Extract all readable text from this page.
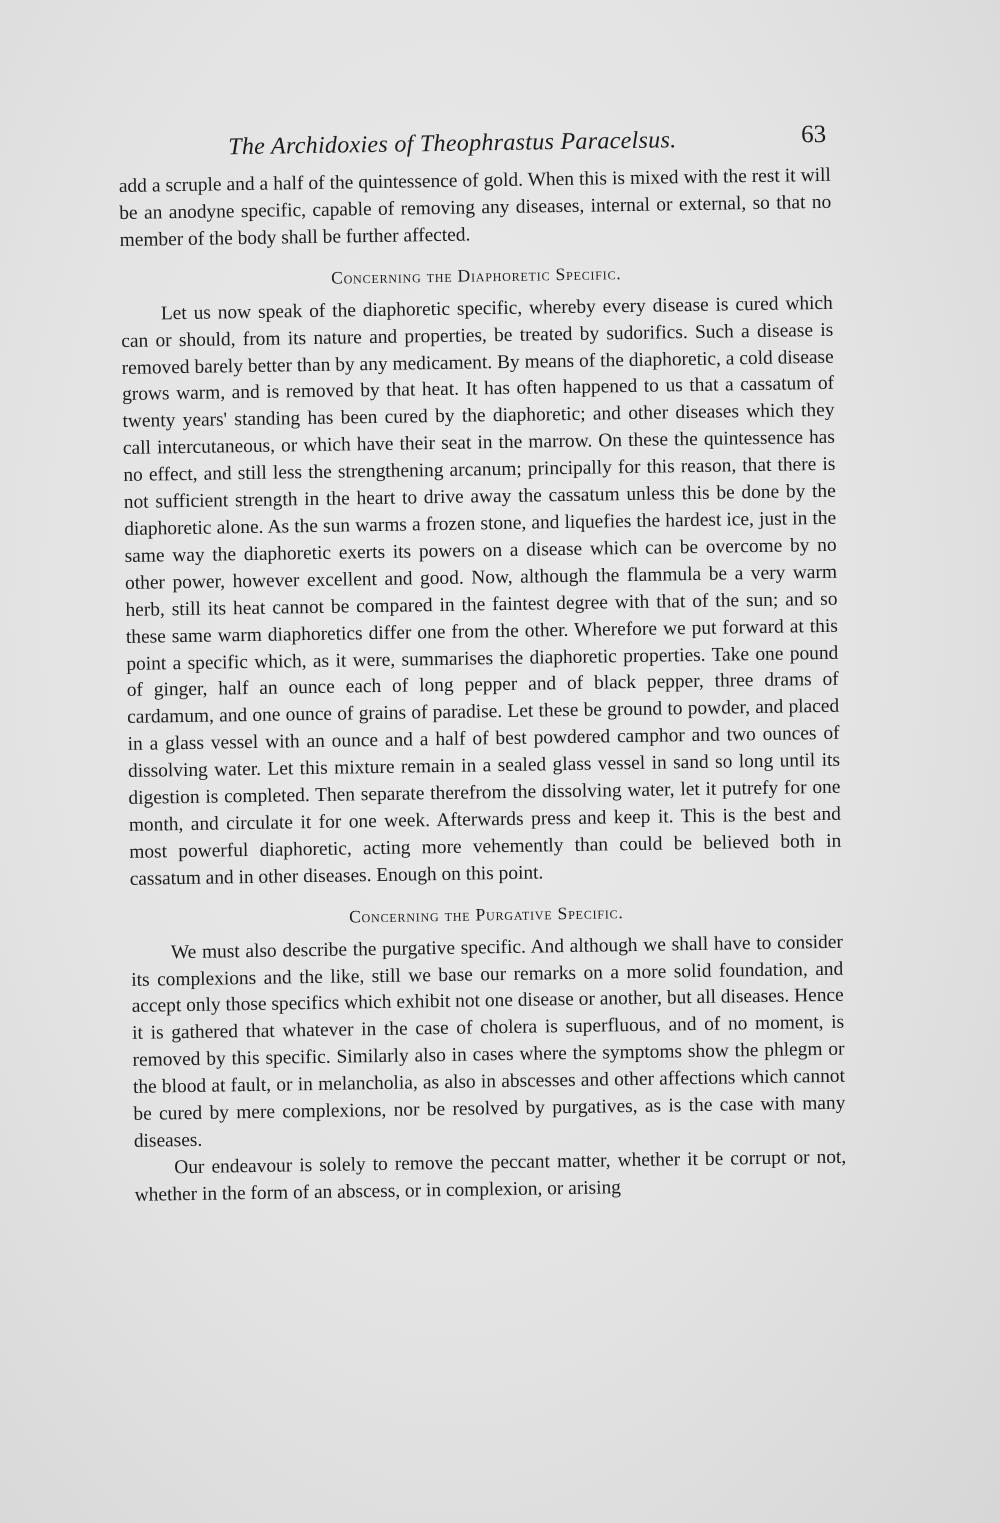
The Archidoxies of Theophrastus Paracelsus.	63

add a scruple and a half of the quintessence of gold. When this is mixed with the rest it will be an anodyne specific, capable of removing any diseases, internal or external, so that no member of the body shall be further affected.

Concerning the Diaphoretic Specific.

Let us now speak of the diaphoretic specific, whereby every disease is cured which can or should, from its nature and properties, be treated by sudorifics. Such a disease is removed barely better than by any medicament. By means of the diaphoretic, a cold disease grows warm, and is removed by that heat. It has often happened to us that a cassatum of twenty years' standing has been cured by the diaphoretic; and other diseases which they call intercutaneous, or which have their seat in the marrow. On these the quintessence has no effect, and still less the strengthening arcanum; principally for this reason, that there is not sufficient strength in the heart to drive away the cassatum unless this be done by the diaphoretic alone. As the sun warms a frozen stone, and liquefies the hardest ice, just in the same way the diaphoretic exerts its powers on a disease which can be overcome by no other power, however excellent and good. Now, although the flammula be a very warm herb, still its heat cannot be compared in the faintest degree with that of the sun; and so these same warm diaphoretics differ one from the other. Wherefore we put forward at this point a specific which, as it were, summarises the diaphoretic properties. Take one pound of ginger, half an ounce each of long pepper and of black pepper, three drams of cardamum, and one ounce of grains of paradise. Let these be ground to powder, and placed in a glass vessel with an ounce and a half of best powdered camphor and two ounces of dissolving water. Let this mixture remain in a sealed glass vessel in sand so long until its digestion is completed. Then separate therefrom the dissolving water, let it putrefy for one month, and circulate it for one week. Afterwards press and keep it. This is the best and most powerful diaphoretic, acting more vehemently than could be believed both in cassatum and in other diseases. Enough on this point.

Concerning the Purgative Specific.

We must also describe the purgative specific. And although we shall have to consider its complexions and the like, still we base our remarks on a more solid foundation, and accept only those specifics which exhibit not one disease or another, but all diseases. Hence it is gathered that whatever in the case of cholera is superfluous, and of no moment, is removed by this specific. Similarly also in cases where the symptoms show the phlegm or the blood at fault, or in melancholia, as also in abscesses and other affections which cannot be cured by mere complexions, nor be resolved by purgatives, as is the case with many diseases.

Our endeavour is solely to remove the peccant matter, whether it be corrupt or not, whether in the form of an abscess, or in complexion, or arising
